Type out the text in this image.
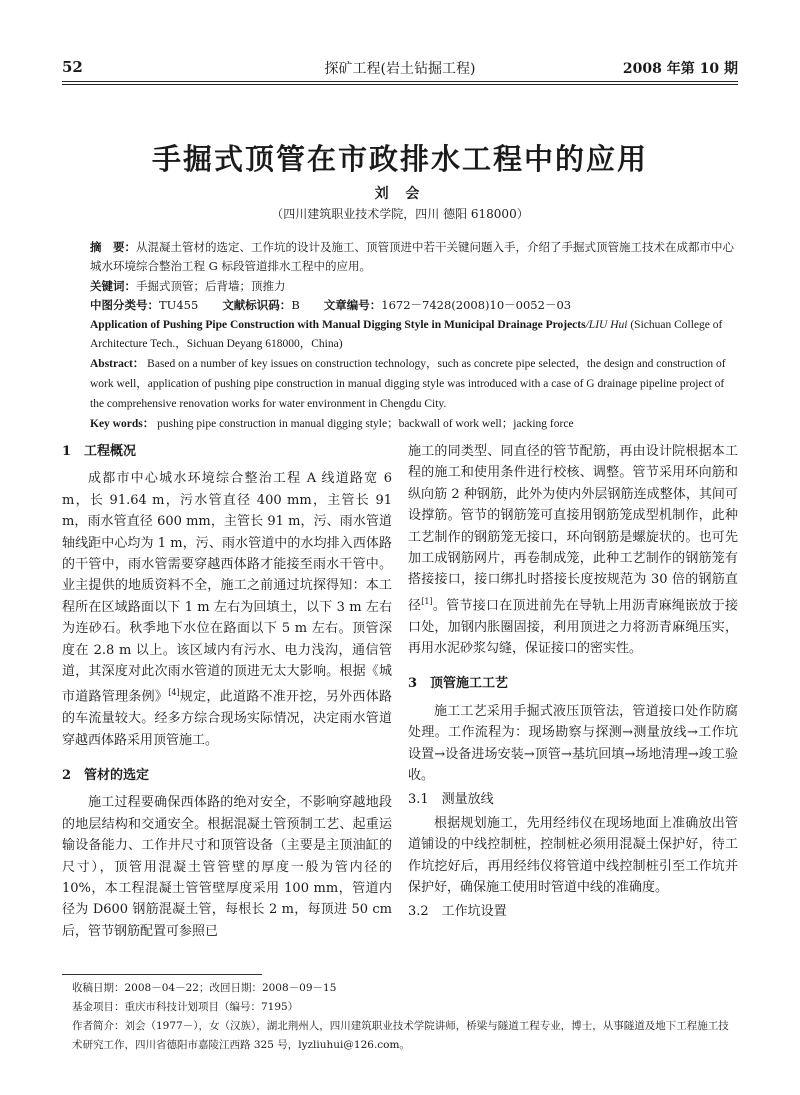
52	探矿工程(岩土钻掘工程)	2008 年第 10 期
手掘式顶管在市政排水工程中的应用
刘 会
（四川建筑职业技术学院，四川 德阳 618000）

摘　要：从混凝土管材的选定、工作坑的设计及施工、顶管顶进中若干关键问题入手，介绍了手掘式顶管施工技术在成都市中心城水环境综合整治工程 G 标段管道排水工程中的应用。

关键词：手掘式顶管；后背墙；顶推力

中图分类号：TU455 文献标识码：B 文章编号：1672－7428(2008)10－0052－03

Application of Pushing Pipe Construction with Manual Digging Style in Municipal Drainage Projects/LIU Hui (Sichuan College of Architecture Tech.，Sichuan Deyang 618000，China)

Abstract： Based on a number of key issues on construction technology，such as concrete pipe selected，the design and construction of work well，application of pushing pipe construction in manual digging style was introduced with a case of G drainage pipeline project of the comprehensive renovation works for water environment in Chengdu City.

Key words： pushing pipe construction in manual digging style；backwall of work well；jacking force

1　工程概况

成都市中心城水环境综合整治工程 A 线道路宽 6 m，长 91.64 m，污水管直径 400 mm，主管长 91 m，雨水管直径 600 mm，主管长 91 m，污、雨水管道轴线距中心均为 1 m，污、雨水管道中的水均排入西体路的干管中，雨水管需要穿越西体路才能接至雨水干管中。业主提供的地质资料不全，施工之前通过坑探得知：本工程所在区域路面以下 1 m 左右为回填土，以下 3 m 左右为连砂石。秋季地下水位在路面以下 5 m 左右。顶管深度在 2.8 m 以上。该区域内有污水、电力浅沟，通信管道，其深度对此次雨水管道的顶进无太大影响。根据《城市道路管理条例》[4]规定，此道路不准开挖，另外西体路的车流量较大。经多方综合现场实际情况，决定雨水管道穿越西体路采用顶管施工。

2　管材的选定

施工过程要确保西体路的绝对安全，不影响穿越地段的地层结构和交通安全。根据混凝土管预制工艺、起重运输设备能力、工作井尺寸和顶管设备（主要是主顶油缸的尺寸），顶管用混凝土管管壁的厚度一般为管内径的 10%，本工程混凝土管管壁厚度采用 100 mm，管道内径为 D600 钢筋混凝土管，每根长 2 m，每顶进 50 cm 后，管节钢筋配置可参照已

施工的同类型、同直径的管节配筋，再由设计院根据本工程的施工和使用条件进行校核、调整。管节采用环向筋和纵向筋 2 种钢筋，此外为使内外层钢筋连成整体，其间可设撑筋。管节的钢筋笼可直接用钢筋笼成型机制作，此种工艺制作的钢筋笼无接口，环向钢筋是螺旋状的。也可先加工成钢筋网片，再卷制成笼，此种工艺制作的钢筋笼有搭接接口，接口绑扎时搭接长度按规范为 30 倍的钢筋直径[1]。管节接口在顶进前先在导轨上用沥青麻绳嵌放于接口处，加钢内胀圈固接，利用顶进之力将沥青麻绳压实，再用水泥砂浆勾缝，保证接口的密实性。

3　顶管施工工艺

施工工艺采用手掘式液压顶管法，管道接口处作防腐处理。工作流程为：现场勘察与探测→测量放线→工作坑设置→设备进场安装→顶管→基坑回填→场地清理→竣工验收。

3.1　测量放线

根据规划施工，先用经纬仪在现场地面上准确放出管道铺设的中线控制桩，控制桩必须用混凝土保护好，待工作坑挖好后，再用经纬仪将管道中线控制桩引至工作坑并保护好，确保施工使用时管道中线的准确度。

3.2　工作坑设置

收稿日期：2008－04－22；改回日期：2008－09－15

基金项目：重庆市科技计划项目（编号：7195）

作者简介：刘会（1977－），女（汉族），湖北荆州人，四川建筑职业技术学院讲师，桥梁与隧道工程专业，博士，从事隧道及地下工程施工技术研究工作，四川省德阳市嘉陵江西路 325 号，lyzliuhui@126.com。
